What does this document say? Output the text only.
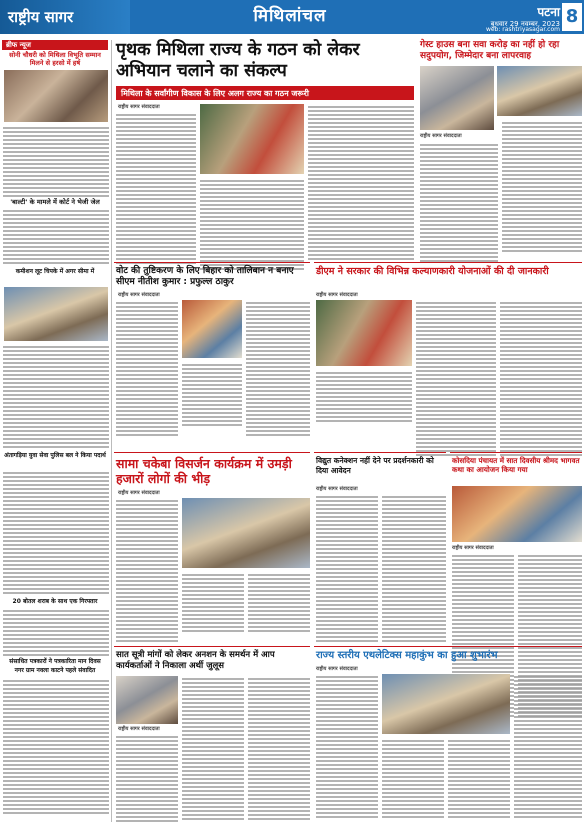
राष्ट्रीय सागर	मिथिलांचल	पटना
बुधवार 29 नवम्बर, 2023 8
web: rashtriyasagar.com
ब्रीफ न्यूज
सोनी चौधरी को मिथिला विभूति सम्मान मिलने से हरसो में हर्ष
'बाल्टी' के मामले में कोर्ट ने भेजी जेल
कमीशन लूट चिपके में अगर सीमा में
अंतागड़िया युवा सेवा पुलिस बल ने किया पदार्थ
20 बोतल शराब के साथ एक गिरफ्तार
संसाधित पत्रकारों ने पत्रकारिता मान दिवस
नगर ग्राम नवला काटने पहले संवादित
पृथक मिथिला राज्य के गठन को लेकर अभियान चलाने का संकल्प
मिथिला के सर्वांगीण विकास के लिए अलग राज्य का गठन जरूरी
राष्ट्रीय सागर संवाददाता
गेस्ट हाउस बना सवा करोड़ का नहीं हो रहा सदुपयोग, जिम्मेदार बना लापरवाह
राष्ट्रीय सागर संवाददाता
वोट की तुष्टिकरण के लिए बिहार को तालिबान न बनाए सीएम नीतीश कुमार : प्रफुल्ल ठाकुर
राष्ट्रीय सागर संवाददाता
डीएम ने सरकार की विभिन्न कल्याणकारी योजनाओं की दी जानकारी
राष्ट्रीय सागर संवाददाता
सामा चकेबा विसर्जन कार्यक्रम में उमड़ी हजारों लोगों की भीड़
राष्ट्रीय सागर संवाददाता
विद्युत कनेक्शन नहीं देने पर प्रदर्शनकारी को दिया आवेदन
राष्ट्रीय सागर संवाददाता
कोसदिया पंचायत में सात दिवसीय श्रीमद भागवत कथा का आयोजन किया गया
राष्ट्रीय सागर संवाददाता
सात सूत्री मांगों को लेकर अनशन के समर्थन में आप कार्यकर्ताओं ने निकाला अर्थी जुलूस
राष्ट्रीय सागर संवाददाता
राज्य स्तरीय एथलेटिक्स महाकुंभ का हुआ शुभारंभ
राष्ट्रीय सागर संवाददाता
